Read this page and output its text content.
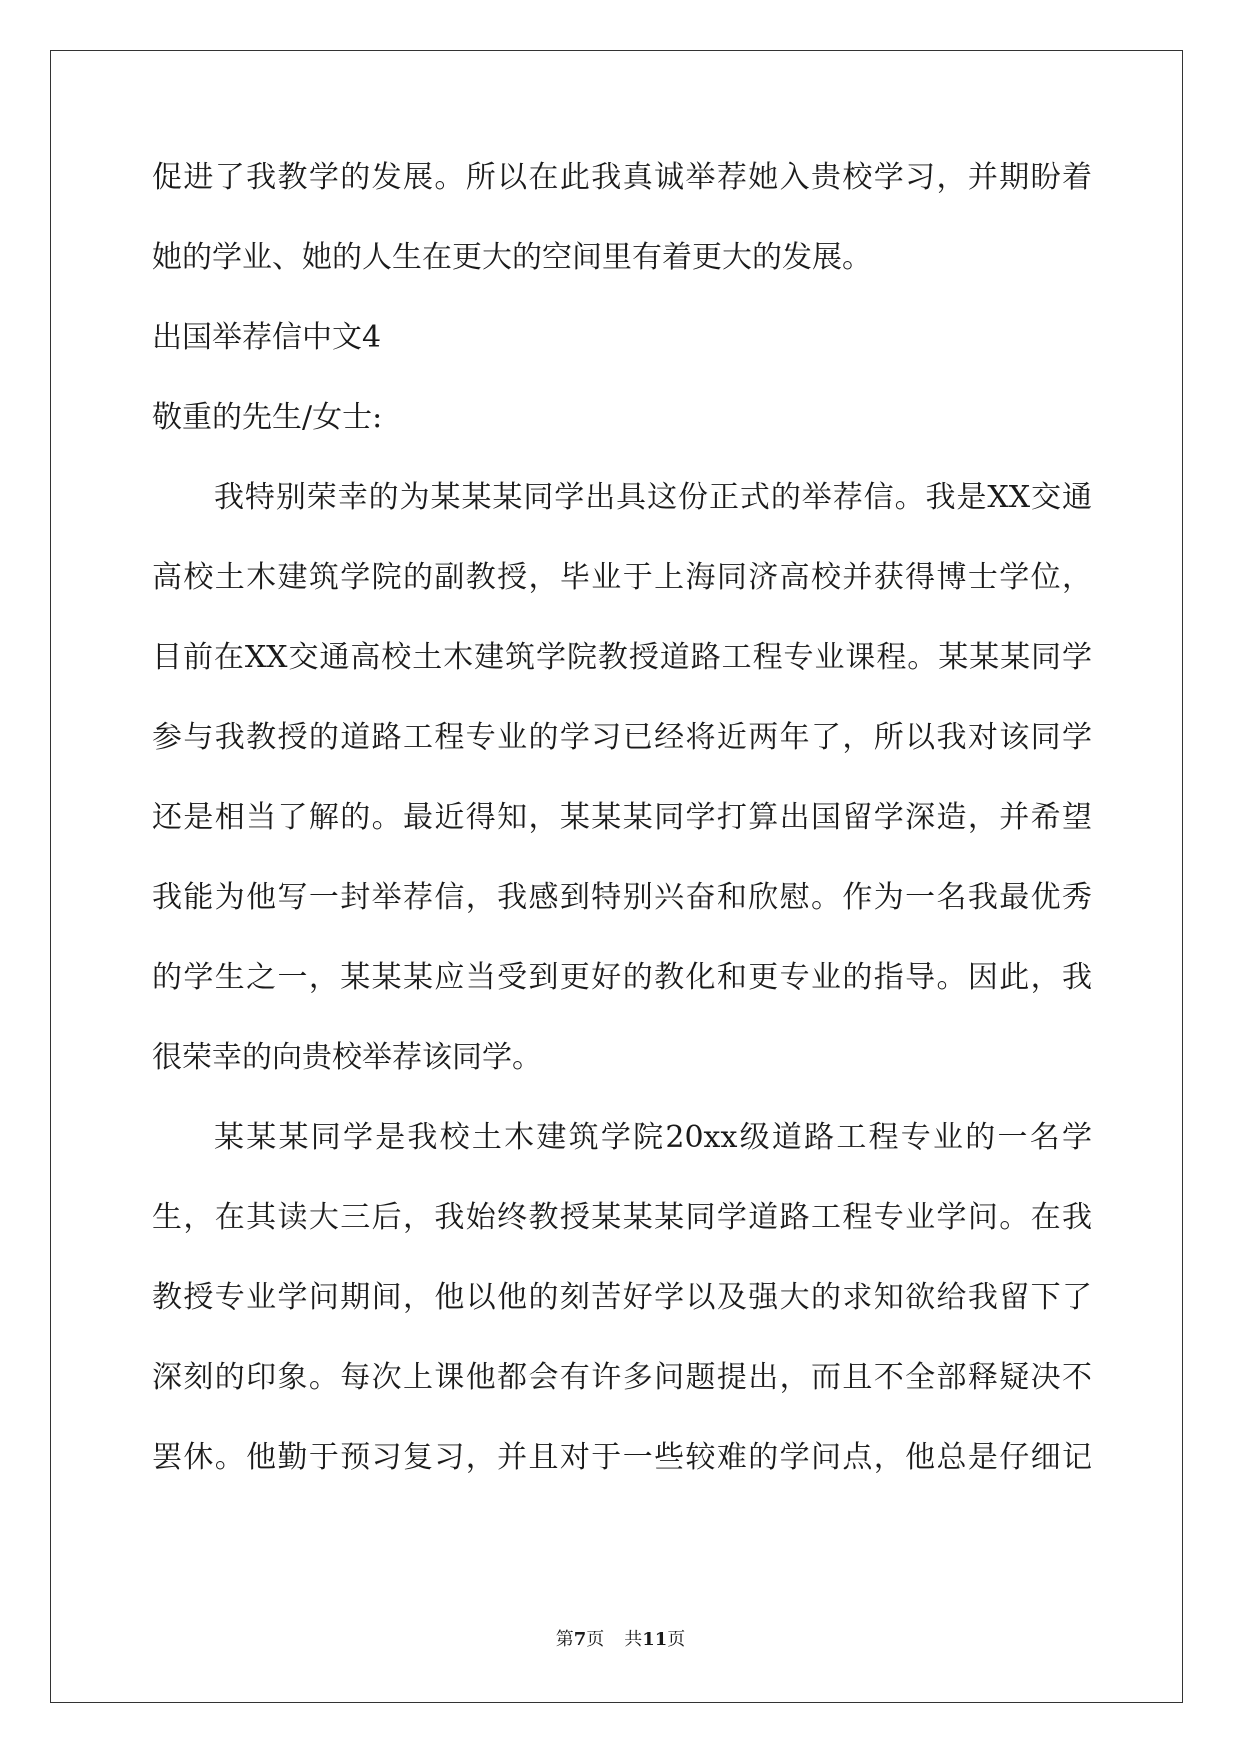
促进了我教学的发展。所以在此我真诚举荐她入贵校学习，并期盼着
她的学业、她的人生在更大的空间里有着更大的发展。
出国举荐信中文4
敬重的先生/女士:
我特别荣幸的为某某某同学出具这份正式的举荐信。我是XX交通
高校土木建筑学院的副教授，毕业于上海同济高校并获得博士学位，
目前在XX交通高校土木建筑学院教授道路工程专业课程。某某某同学
参与我教授的道路工程专业的学习已经将近两年了，所以我对该同学
还是相当了解的。最近得知，某某某同学打算出国留学深造，并希望
我能为他写一封举荐信，我感到特别兴奋和欣慰。作为一名我最优秀
的学生之一，某某某应当受到更好的教化和更专业的指导。因此，我
很荣幸的向贵校举荐该同学。
某某某同学是我校土木建筑学院20xx级道路工程专业的一名学
生，在其读大三后，我始终教授某某某同学道路工程专业学问。在我
教授专业学问期间，他以他的刻苦好学以及强大的求知欲给我留下了
深刻的印象。每次上课他都会有许多问题提出，而且不全部释疑决不
罢休。他勤于预习复习，并且对于一些较难的学问点，他总是仔细记
第7页 共11页
